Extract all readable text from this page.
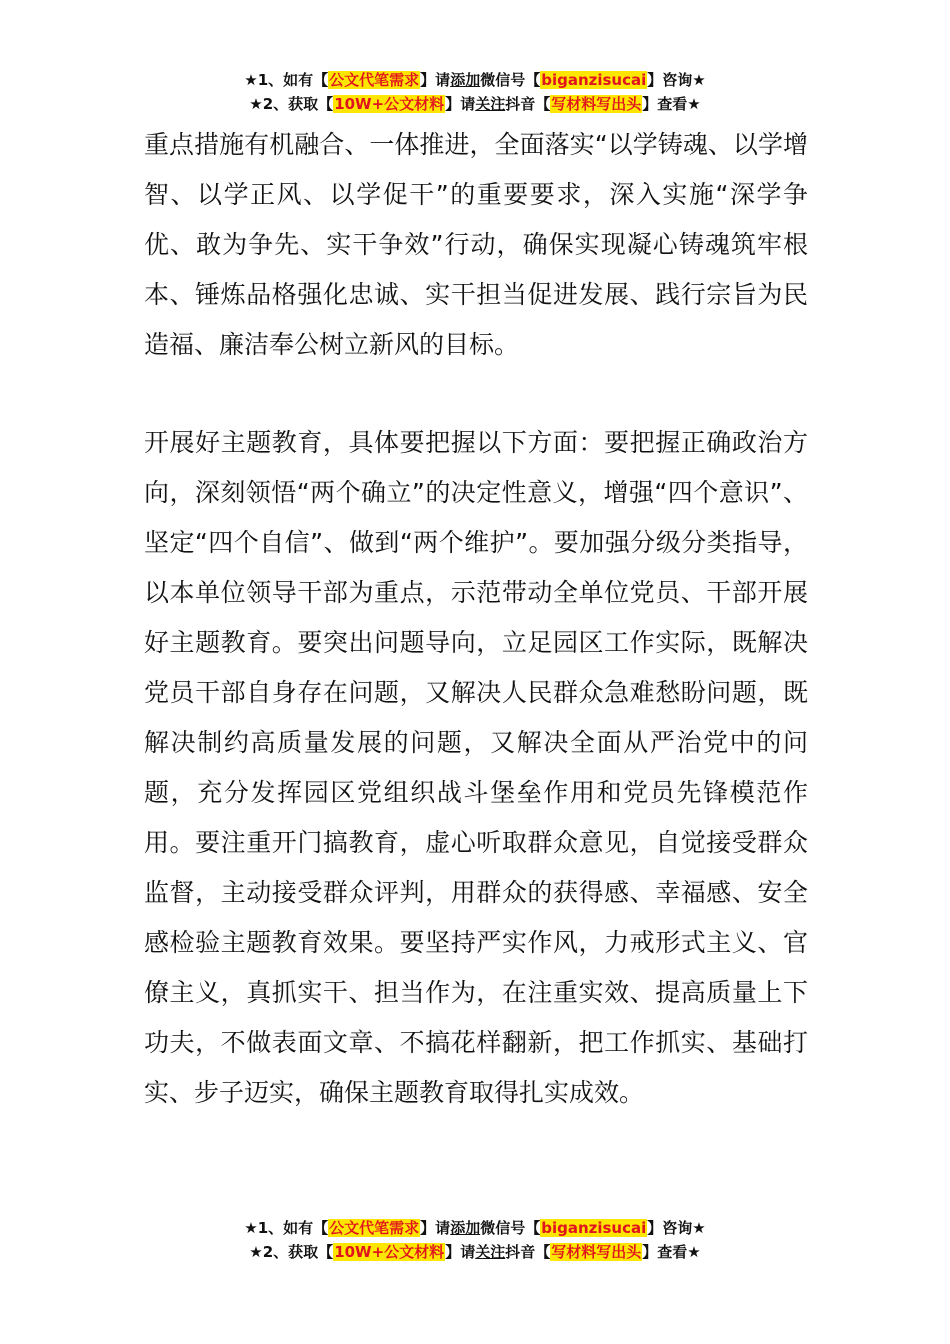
★1、如有【公文代笔需求】请添加微信号【biganzisucai】咨询★
★2、获取【10W+公文材料】请关注抖音【写材料写出头】查看★

重点措施有机融合、一体推进，全面落实“以学铸魂、以学增智、以学正风、以学促干”的重要要求，深入实施“深学争优、敢为争先、实干争效”行动，确保实现凝心铸魂筑牢根本、锤炼品格强化忠诚、实干担当促进发展、践行宗旨为民造福、廉洁奉公树立新风的目标。

开展好主题教育，具体要把握以下方面：要把握正确政治方向，深刻领悟“两个确立”的决定性意义，增强“四个意识”、坚定“四个自信”、做到“两个维护”。要加强分级分类指导，以本单位领导干部为重点，示范带动全单位党员、干部开展好主题教育。要突出问题导向，立足园区工作实际，既解决党员干部自身存在问题，又解决人民群众急难愁盼问题，既解决制约高质量发展的问题，又解决全面从严治党中的问题，充分发挥园区党组织战斗堡垒作用和党员先锋模范作用。要注重开门搞教育，虚心听取群众意见，自觉接受群众监督，主动接受群众评判，用群众的获得感、幸福感、安全感检验主题教育效果。要坚持严实作风，力戒形式主义、官僚主义，真抓实干、担当作为，在注重实效、提高质量上下功夫，不做表面文章、不搞花样翻新，把工作抓实、基础打实、步子迈实，确保主题教育取得扎实成效。

★1、如有【公文代笔需求】请添加微信号【biganzisucai】咨询★
★2、获取【10W+公文材料】请关注抖音【写材料写出头】查看★
